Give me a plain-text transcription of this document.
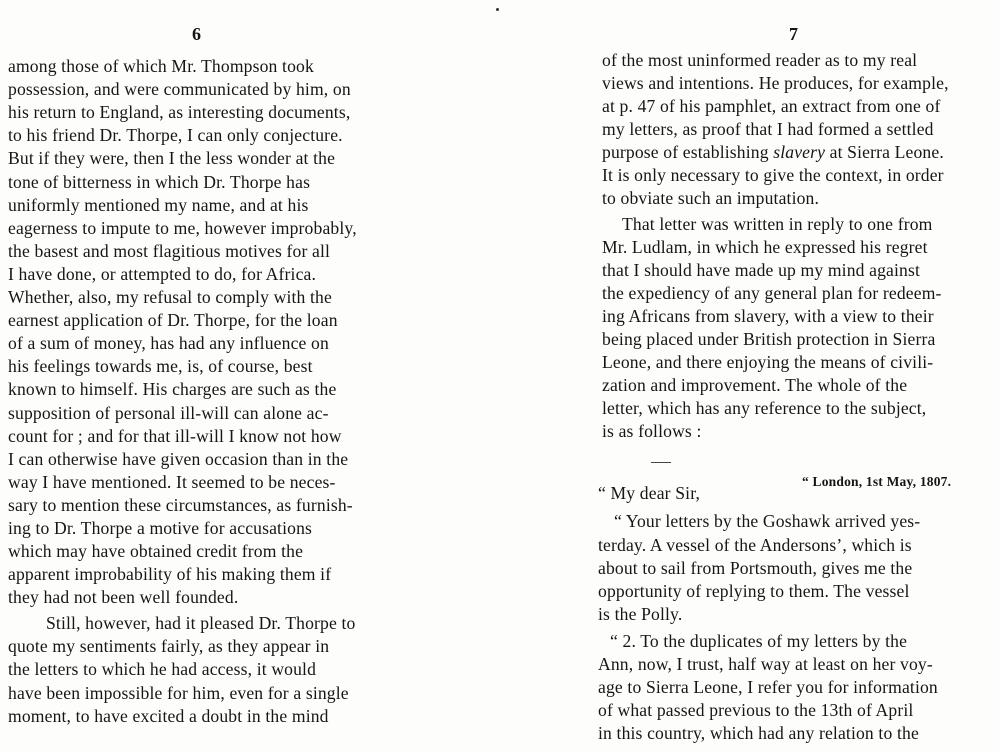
6	7
among those of which Mr. Thompson took
possession, and were communicated by him, on
his return to England, as interesting documents,
to his friend Dr. Thorpe, I can only conjecture.
But if they were, then I the less wonder at the
tone of bitterness in which Dr. Thorpe has
uniformly mentioned my name, and at his
eagerness to impute to me, however improbably,
the basest and most flagitious motives for all
I have done, or attempted to do, for Africa.
Whether, also, my refusal to comply with the
earnest application of Dr. Thorpe, for the loan
of a sum of money, has had any influence on
his feelings towards me, is, of course, best
known to himself. His charges are such as the
supposition of personal ill-will can alone ac-
count for ; and for that ill-will I know not how
I can otherwise have given occasion than in the
way I have mentioned. It seemed to be neces-
sary to mention these circumstances, as furnish-
ing to Dr. Thorpe a motive for accusations
which may have obtained credit from the
apparent improbability of his making them if
they had not been well founded.
Still, however, had it pleased Dr. Thorpe to
quote my sentiments fairly, as they appear in
the letters to which he had access, it would
have been impossible for him, even for a single
moment, to have excited a doubt in the mind
of the most uninformed reader as to my real
views and intentions. He produces, for example,
at p. 47 of his pamphlet, an extract from one of
my letters, as proof that I had formed a settled
purpose of establishing slavery at Sierra Leone.
It is only necessary to give the context, in order
to obviate such an imputation.
That letter was written in reply to one from
Mr. Ludlam, in which he expressed his regret
that I should have made up my mind against
the expediency of any general plan for redeem-
ing Africans from slavery, with a view to their
being placed under British protection in Sierra
Leone, and there enjoying the means of civili-
zation and improvement. The whole of the
letter, which has any reference to the subject,
is as follows :
“ London, 1st May, 1807.
“ My dear Sir,
“ Your letters by the Goshawk arrived yes-
terday. A vessel of the Andersons’, which is
about to sail from Portsmouth, gives me the
opportunity of replying to them. The vessel
is the Polly.
“ 2. To the duplicates of my letters by the
Ann, now, I trust, half way at least on her voy-
age to Sierra Leone, I refer you for information
of what passed previous to the 13th of April
in this country, which had any relation to the
